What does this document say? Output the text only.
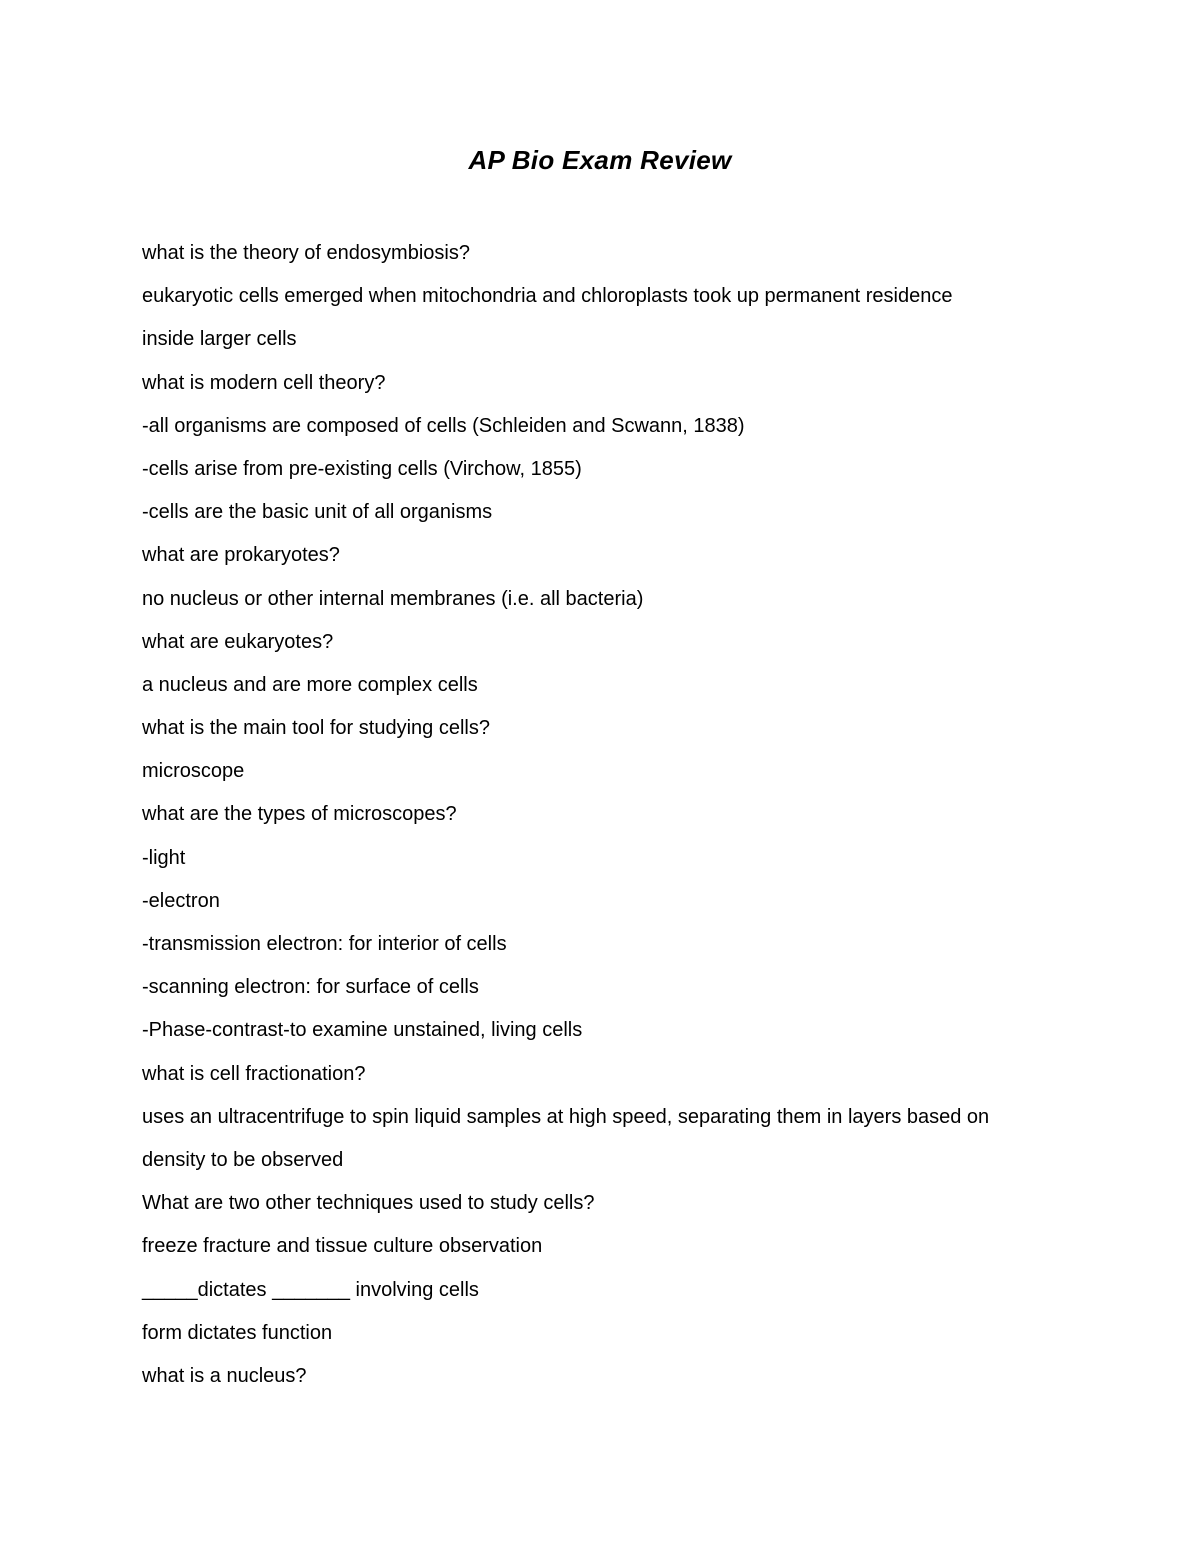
AP Bio Exam Review
what is the theory of endosymbiosis?
eukaryotic cells emerged when mitochondria and chloroplasts took up permanent residence
inside larger cells
what is modern cell theory?
-all organisms are composed of cells (Schleiden and Scwann, 1838)
-cells arise from pre-existing cells (Virchow, 1855)
-cells are the basic unit of all organisms
what are prokaryotes?
no nucleus or other internal membranes (i.e. all bacteria)
what are eukaryotes?
a nucleus and are more complex cells
what is the main tool for studying cells?
microscope
what are the types of microscopes?
-light
-electron
-transmission electron: for interior of cells
-scanning electron: for surface of cells
-Phase-contrast-to examine unstained, living cells
what is cell fractionation?
uses an ultracentrifuge to spin liquid samples at high speed, separating them in layers based on
density to be observed
What are two other techniques used to study cells?
freeze fracture and tissue culture observation
_____dictates _______ involving cells
form dictates function
what is a nucleus?
